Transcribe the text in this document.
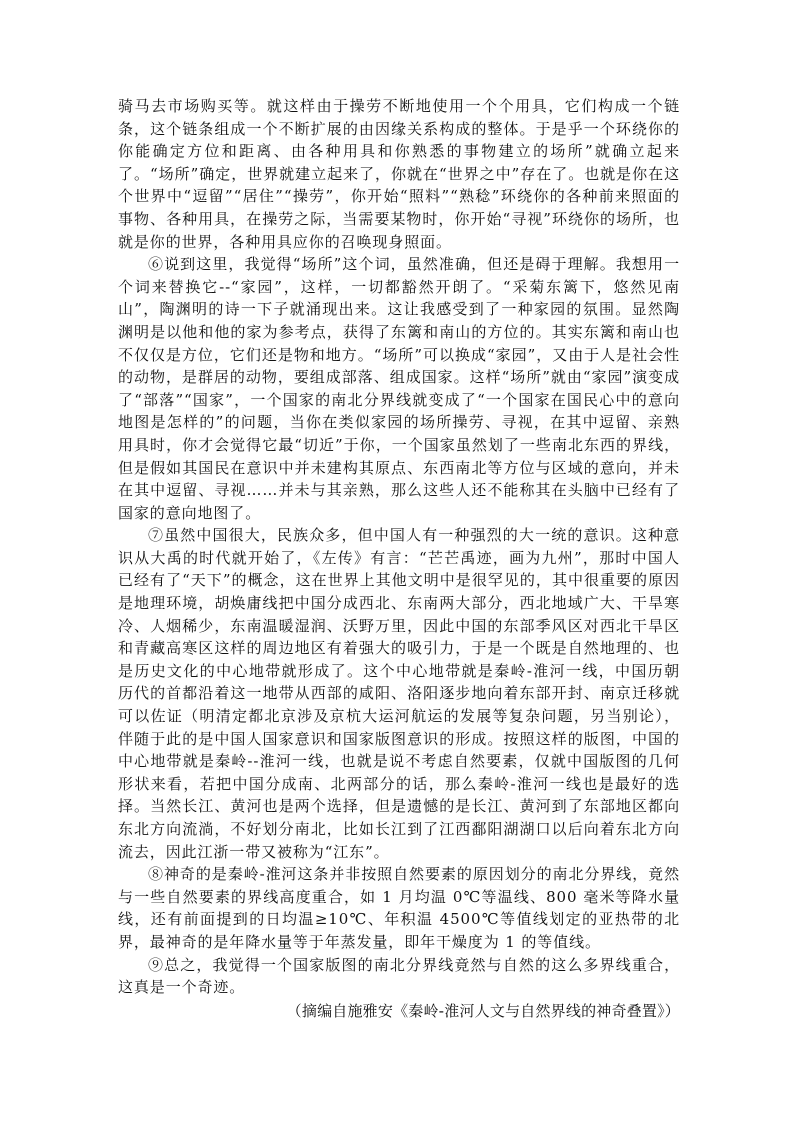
骑马去市场购买等。就这样由于操劳不断地使用一个个用具，它们构成一个链条，这个链条组成一个不断扩展的由因缘关系构成的整体。于是乎一个环绕你的你能确定方位和距离、由各种用具和你熟悉的事物建立的场所”就确立起来了。“场所”确定，世界就建立起来了，你就在“世界之中”存在了。也就是你在这个世界中“逗留”“居住”“操劳”，你开始“照料”“熟稔”环绕你的各种前来照面的事物、各种用具，在操劳之际，当需要某物时，你开始“寻视”环绕你的场所，也就是你的世界，各种用具应你的召唤现身照面。

⑥说到这里，我觉得“场所”这个词，虽然准确，但还是碍于理解。我想用一个词来替换它--“家园”，这样，一切都豁然开朗了。“采菊东篱下，悠然见南山”，陶渊明的诗一下子就涌现出来。这让我感受到了一种家园的氛围。显然陶渊明是以他和他的家为参考点，获得了东篱和南山的方位的。其实东篱和南山也不仅仅是方位，它们还是物和地方。“场所”可以换成“家园”，又由于人是社会性的动物，是群居的动物，要组成部落、组成国家。这样“场所”就由“家园”演变成了“部落”“国家”，一个国家的南北分界线就变成了“一个国家在国民心中的意向地图是怎样的”的问题，当你在类似家园的场所操劳、寻视，在其中逗留、亲熟用具时，你才会觉得它最“切近”于你，一个国家虽然划了一些南北东西的界线，但是假如其国民在意识中并未建构其原点、东西南北等方位与区域的意向，并未在其中逗留、寻视……并未与其亲熟，那么这些人还不能称其在头脑中已经有了国家的意向地图了。

⑦虽然中国很大，民族众多，但中国人有一种强烈的大一统的意识。这种意识从大禹的时代就开始了，《左传》有言：“芒芒禹迹，画为九州”，那时中国人已经有了“天下”的概念，这在世界上其他文明中是很罕见的，其中很重要的原因是地理环境，胡焕庸线把中国分成西北、东南两大部分，西北地域广大、干旱寒冷、人烟稀少，东南温暖湿润、沃野万里，因此中国的东部季风区对西北干旱区和青藏高寒区这样的周边地区有着强大的吸引力，于是一个既是自然地理的、也是历史文化的中心地带就形成了。这个中心地带就是秦岭-淮河一线，中国历朝历代的首都沿着这一地带从西部的咸阳、洛阳逐步地向着东部开封、南京迁移就可以佐证（明清定都北京涉及京杭大运河航运的发展等复杂问题，另当别论），伴随于此的是中国人国家意识和国家版图意识的形成。按照这样的版图，中国的中心地带就是秦岭--淮河一线，也就是说不考虑自然要素，仅就中国版图的几何形状来看，若把中国分成南、北两部分的话，那么秦岭-淮河一线也是最好的选择。当然长江、黄河也是两个选择，但是遗憾的是长江、黄河到了东部地区都向东北方向流淌，不好划分南北，比如长江到了江西鄱阳湖湖口以后向着东北方向流去，因此江浙一带又被称为“江东”。

⑧神奇的是秦岭-淮河这条并非按照自然要素的原因划分的南北分界线，竟然与一些自然要素的界线高度重合，如 1 月均温 0℃等温线、800 毫米等降水量线，还有前面提到的日均温≥10℃、年积温 4500℃等值线划定的亚热带的北界，最神奇的是年降水量等于年蒸发量，即年干燥度为 1 的等值线。

⑨总之，我觉得一个国家版图的南北分界线竟然与自然的这么多界线重合，这真是一个奇迹。

（摘编自施雅安《秦岭-淮河人文与自然界线的神奇叠置》）
